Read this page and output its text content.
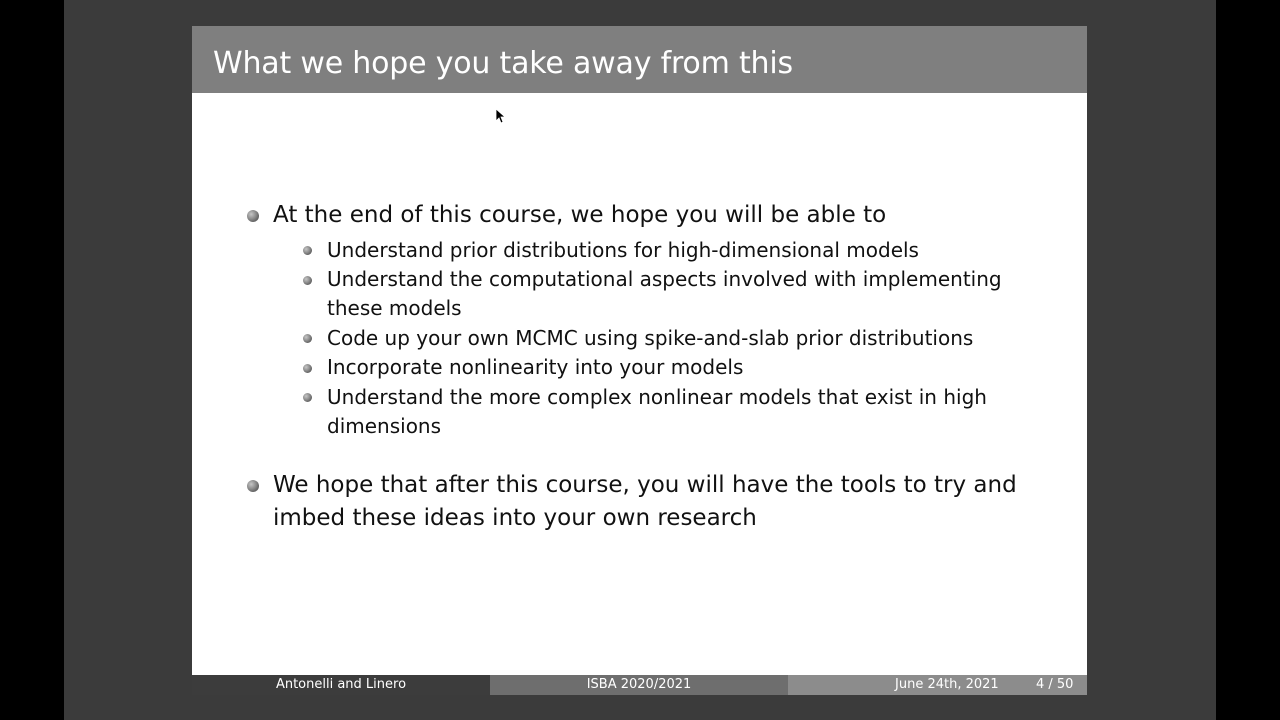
What we hope you take away from this
At the end of this course, we hope you will be able to
Understand prior distributions for high-dimensional models
Understand the computational aspects involved with implementing
these models
Code up your own MCMC using spike-and-slab prior distributions
Incorporate nonlinearity into your models
Understand the more complex nonlinear models that exist in high
dimensions
We hope that after this course, you will have the tools to try and
imbed these ideas into your own research
Antonelli and Linero	ISBA 2020/2021	June 24th, 2021	4 / 50
